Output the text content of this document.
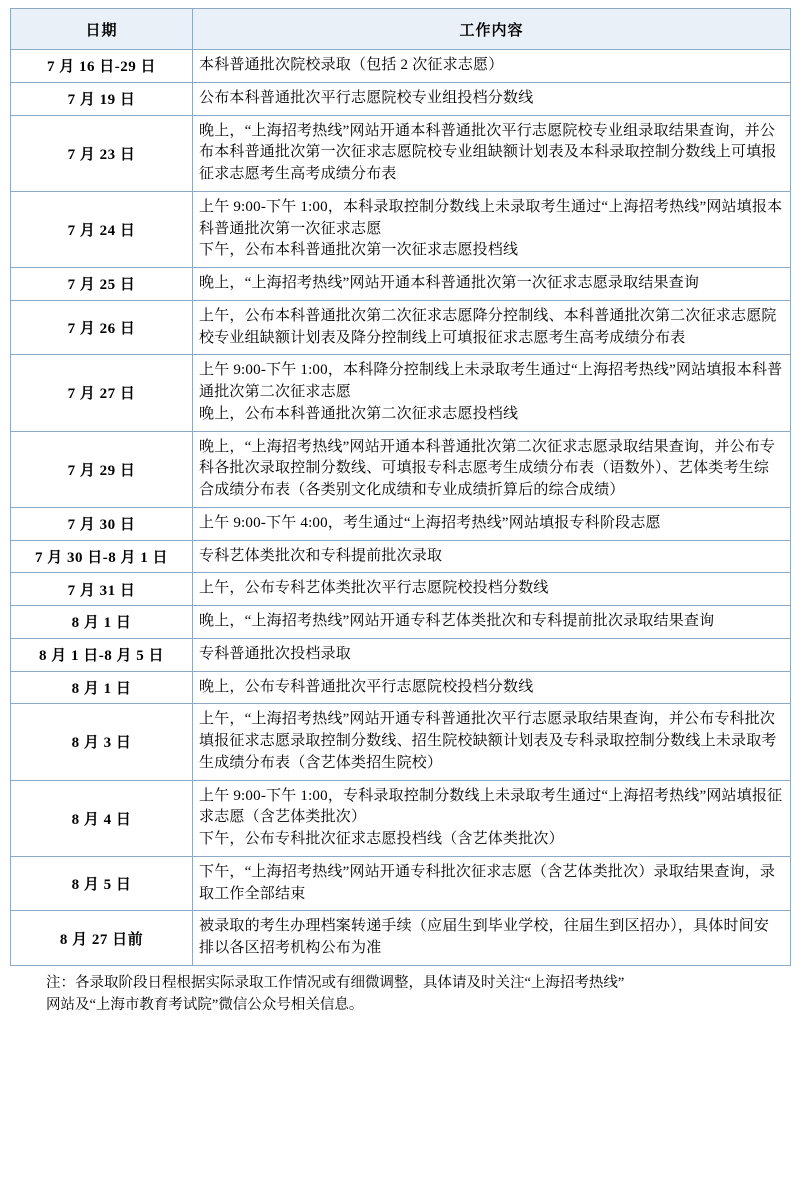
日期	工作内容
7 月 16 日-29 日	本科普通批次院校录取（包括 2 次征求志愿）

7 月 19 日	公布本科普通批次平行志愿院校专业组投档分数线

7 月 23 日	晚上，“上海招考热线”网站开通本科普通批次平行志愿院校专业组录取结果查询，并公布本科普通批次第一次征求志愿院校专业组缺额计划表及本科录取控制分数线上可填报征求志愿考生高考成绩分布表

7 月 24 日	上午 9:00-下午 1:00，本科录取控制分数线上未录取考生通过“上海招考热线”网站填报本科普通批次第一次征求志愿
下午，公布本科普通批次第一次征求志愿投档线

7 月 25 日	晚上，“上海招考热线”网站开通本科普通批次第一次征求志愿录取结果查询

7 月 26 日	上午，公布本科普通批次第二次征求志愿降分控制线、本科普通批次第二次征求志愿院校专业组缺额计划表及降分控制线上可填报征求志愿考生高考成绩分布表

7 月 27 日	上午 9:00-下午 1:00，本科降分控制线上未录取考生通过“上海招考热线”网站填报本科普通批次第二次征求志愿
晚上，公布本科普通批次第二次征求志愿投档线

7 月 29 日	晚上，“上海招考热线”网站开通本科普通批次第二次征求志愿录取结果查询，并公布专科各批次录取控制分数线、可填报专科志愿考生成绩分布表（语数外）、艺体类考生综合成绩分布表（各类别文化成绩和专业成绩折算后的综合成绩）

7 月 30 日	上午 9:00-下午 4:00，考生通过“上海招考热线”网站填报专科阶段志愿

7 月 30 日-8 月 1 日	专科艺体类批次和专科提前批次录取

7 月 31 日	上午，公布专科艺体类批次平行志愿院校投档分数线

8 月 1 日	晚上，“上海招考热线”网站开通专科艺体类批次和专科提前批次录取结果查询

8 月 1 日-8 月 5 日	专科普通批次投档录取

8 月 1 日	晚上，公布专科普通批次平行志愿院校投档分数线

8 月 3 日	上午，“上海招考热线”网站开通专科普通批次平行志愿录取结果查询，并公布专科批次填报征求志愿录取控制分数线、招生院校缺额计划表及专科录取控制分数线上未录取考生成绩分布表（含艺体类招生院校）

8 月 4 日	上午 9:00-下午 1:00，专科录取控制分数线上未录取考生通过“上海招考热线”网站填报征求志愿（含艺体类批次）
下午，公布专科批次征求志愿投档线（含艺体类批次）

8 月 5 日	下午，“上海招考热线”网站开通专科批次征求志愿（含艺体类批次）录取结果查询，录取工作全部结束

8 月 27 日前	被录取的考生办理档案转递手续（应届生到毕业学校，往届生到区招办），具体时间安排以各区招考机构公布为准
注：各录取阶段日程根据实际录取工作情况或有细微调整，具体请及时关注“上海招考热线”
网站及“上海市教育考试院”微信公众号相关信息。
